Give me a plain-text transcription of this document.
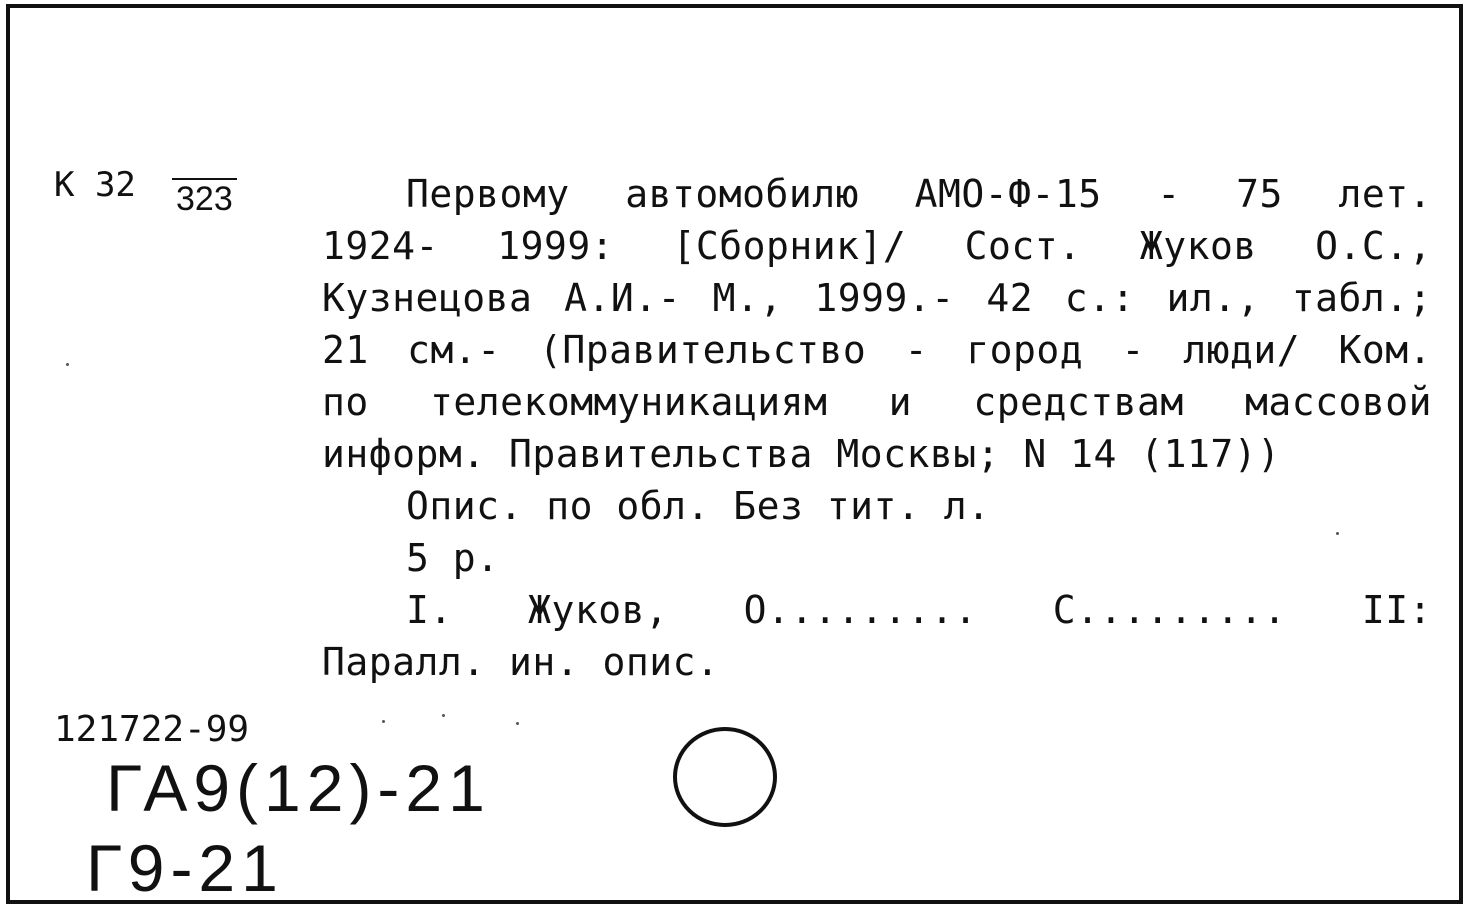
К 32 323	Первому автомобилю АМО-Ф-15 - 75 лет.
1924- 1999: [Сборник]/ Сост. Жуков О.С.,
Кузнецова А.И.- М., 1999.- 42 с.: ил., табл.;
21 см.- (Правительство - город - люди/ Ком.
по телекоммуникациям и средствам массовой
информ. Правительства Москвы; N 14 (117))
Опис. по обл. Без тит. л.
5 р.
I. Жуков, О......... С......... II:
Паралл. ин. опис.
121722-99
ГА9(12)-21
Г9-21
